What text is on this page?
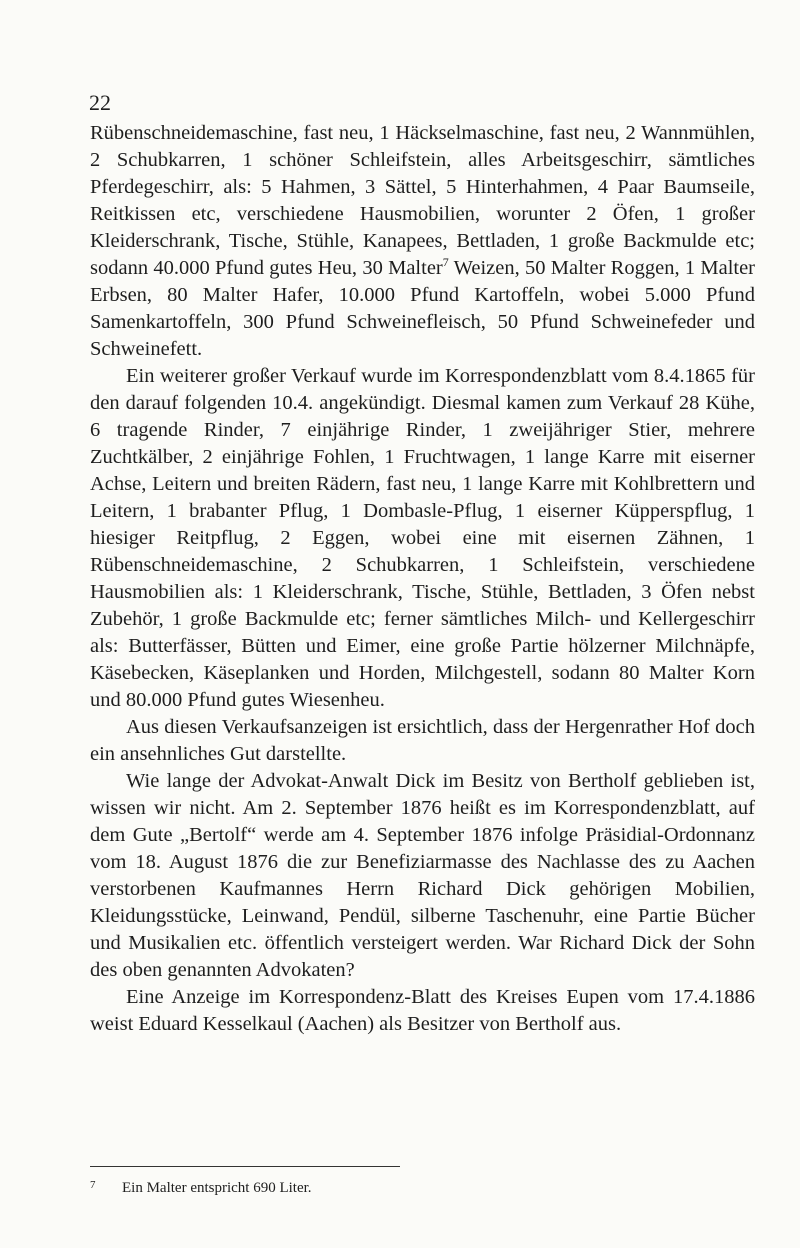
22

Rübenschneidemaschine, fast neu, 1 Häckselmaschine, fast neu, 2 Wannmühlen, 2 Schubkarren, 1 schöner Schleifstein, alles Arbeitsgeschirr, sämtliches Pferdegeschirr, als: 5 Hahmen, 3 Sättel, 5 Hinterhahmen, 4 Paar Baumseile, Reitkissen etc, verschiedene Hausmobilien, worunter 2 Öfen, 1 großer Kleiderschrank, Tische, Stühle, Kanapees, Bettladen, 1 große Backmulde etc; sodann 40.000 Pfund gutes Heu, 30 Malter$^7$ Weizen, 50 Malter Roggen, 1 Malter Erbsen, 80 Malter Hafer, 10.000 Pfund Kartoffeln, wobei 5.000 Pfund Samenkartoffeln, 300 Pfund Schweinefleisch, 50 Pfund Schweinefeder und Schweinefett.

Ein weiterer großer Verkauf wurde im Korrespondenzblatt vom 8.4.1865 für den darauf folgenden 10.4. angekündigt. Diesmal kamen zum Verkauf 28 Kühe, 6 tragende Rinder, 7 einjährige Rinder, 1 zweijähriger Stier, mehrere Zuchtkälber, 2 einjährige Fohlen, 1 Fruchtwagen, 1 lange Karre mit eiserner Achse, Leitern und breiten Rädern, fast neu, 1 lange Karre mit Kohlbrettern und Leitern, 1 brabanter Pflug, 1 Dombasle-Pflug, 1 eiserner Küpperspflug, 1 hiesiger Reitpflug, 2 Eggen, wobei eine mit eisernen Zähnen, 1 Rübenschneidemaschine, 2 Schubkarren, 1 Schleifstein, verschiedene Hausmobilien als: 1 Kleiderschrank, Tische, Stühle, Bettladen, 3 Öfen nebst Zubehör, 1 große Backmulde etc; ferner sämtliches Milch- und Kellergeschirr als: Butterfässer, Bütten und Eimer, eine große Partie hölzerner Milchnäpfe, Käsebecken, Käseplanken und Horden, Milchgestell, sodann 80 Malter Korn und 80.000 Pfund gutes Wiesenheu.

Aus diesen Verkaufsanzeigen ist ersichtlich, dass der Hergenrather Hof doch ein ansehnliches Gut darstellte.

Wie lange der Advokat-Anwalt Dick im Besitz von Bertholf geblieben ist, wissen wir nicht. Am 2. September 1876 heißt es im Korrespondenzblatt, auf dem Gute „Bertolf“ werde am 4. September 1876 infolge Präsidial-Ordonnanz vom 18. August 1876 die zur Benefiziarmasse des Nachlasse des zu Aachen verstorbenen Kaufmannes Herrn Richard Dick gehörigen Mobilien, Kleidungsstücke, Leinwand, Pendül, silberne Taschenuhr, eine Partie Bücher und Musikalien etc. öffentlich versteigert werden. War Richard Dick der Sohn des oben genannten Advokaten?

Eine Anzeige im Korrespondenz-Blatt des Kreises Eupen vom 17.4.1886 weist Eduard Kesselkaul (Aachen) als Besitzer von Bertholf aus.

7 Ein Malter entspricht 690 Liter.
